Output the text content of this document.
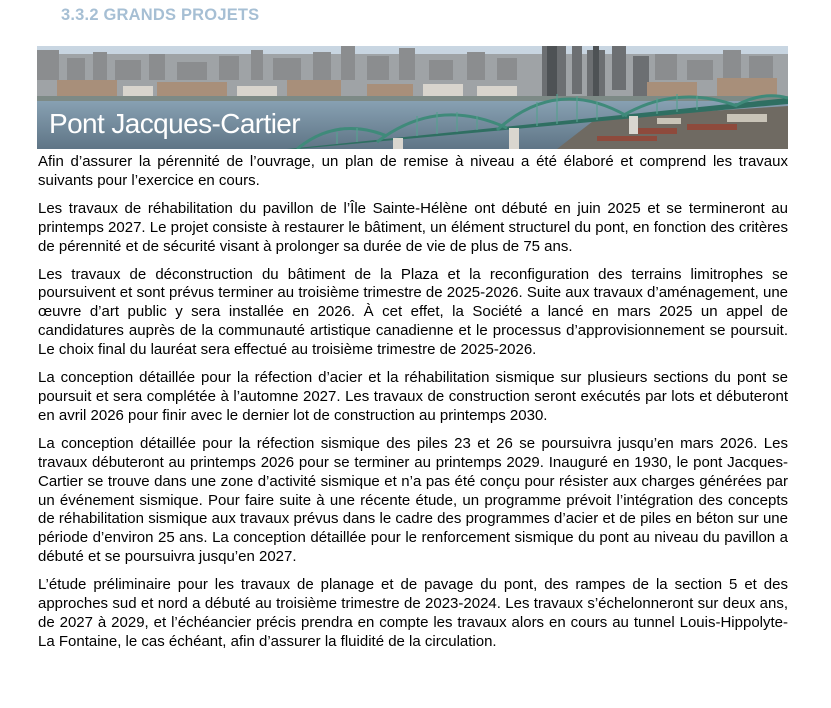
3.3.2 GRANDS PROJETS
Pont Jacques-Cartier

Afin d’assurer la pérennité de l’ouvrage, un plan de remise à niveau a été élaboré et comprend les travaux suivants pour l’exercice en cours.

Les travaux de réhabilitation du pavillon de l’Île Sainte-Hélène ont débuté en juin 2025 et se termineront au printemps 2027. Le projet consiste à restaurer le bâtiment, un élément structurel du pont, en fonction des critères de pérennité et de sécurité visant à prolonger sa durée de vie de plus de 75 ans.

Les travaux de déconstruction du bâtiment de la Plaza et la reconfiguration des terrains limitrophes se poursuivent et sont prévus terminer au troisième trimestre de 2025-2026. Suite aux travaux d’aménagement, une œuvre d’art public y sera installée en 2026. À cet effet, la Société a lancé en mars 2025 un appel de candidatures auprès de la communauté artistique canadienne et le processus d’approvisionnement se poursuit. Le choix final du lauréat sera effectué au troisième trimestre de 2025-2026.

La conception détaillée pour la réfection d’acier et la réhabilitation sismique sur plusieurs sections du pont se poursuit et sera complétée à l’automne 2027. Les travaux de construction seront exécutés par lots et débuteront en avril 2026 pour finir avec le dernier lot de construction au printemps 2030.

La conception détaillée pour la réfection sismique des piles 23 et 26 se poursuivra jusqu’en mars 2026. Les travaux débuteront au printemps 2026 pour se terminer au printemps 2029. Inauguré en 1930, le pont Jacques-Cartier se trouve dans une zone d’activité sismique et n’a pas été conçu pour résister aux charges générées par un événement sismique. Pour faire suite à une récente étude, un programme prévoit l’intégration des concepts de réhabilitation sismique aux travaux prévus dans le cadre des programmes d’acier et de piles en béton sur une période d’environ 25 ans. La conception détaillée pour le renforcement sismique du pont au niveau du pavillon a débuté et se poursuivra jusqu’en 2027.

L’étude préliminaire pour les travaux de planage et de pavage du pont, des rampes de la section 5 et des approches sud et nord a débuté au troisième trimestre de 2023-2024. Les travaux s’échelonneront sur deux ans, de 2027 à 2029, et l’échéancier précis prendra en compte les travaux alors en cours au tunnel Louis-Hippolyte-La Fontaine, le cas échéant, afin d’assurer la fluidité de la circulation.
